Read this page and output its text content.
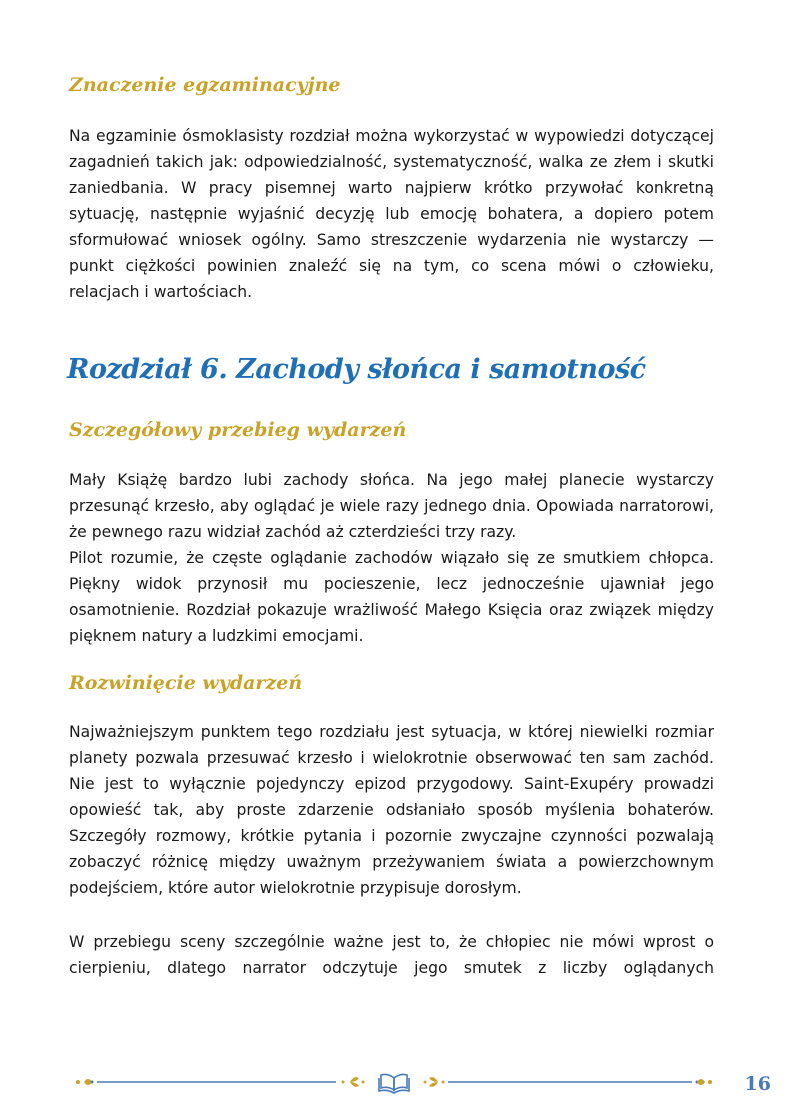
Znaczenie egzaminacyjne

Na egzaminie ósmoklasisty rozdział można wykorzystać w wypowiedzi dotyczącej zagadnień takich jak: odpowiedzialność, systematyczność, walka ze złem i skutki zaniedbania. W pracy pisemnej warto najpierw krótko przywołać konkretną sytuację, następnie wyjaśnić decyzję lub emocję bohatera, a dopiero potem sformułować wniosek ogólny. Samo streszczenie wydarzenia nie wystarczy — punkt ciężkości powinien znaleźć się na tym, co scena mówi o człowieku, relacjach i wartościach.

Rozdział 6. Zachody słońca i samotność
Szczegółowy przebieg wydarzeń

Mały Książę bardzo lubi zachody słońca. Na jego małej planecie wystarczy przesunąć krzesło, aby oglądać je wiele razy jednego dnia. Opowiada narratorowi, że pewnego razu widział zachód aż czterdzieści trzy razy.

Pilot rozumie, że częste oglądanie zachodów wiązało się ze smutkiem chłopca. Piękny widok przynosił mu pocieszenie, lecz jednocześnie ujawniał jego osamotnienie. Rozdział pokazuje wrażliwość Małego Księcia oraz związek między pięknem natury a ludzkimi emocjami.

Rozwinięcie wydarzeń

Najważniejszym punktem tego rozdziału jest sytuacja, w której niewielki rozmiar planety pozwala przesuwać krzesło i wielokrotnie obserwować ten sam zachód. Nie jest to wyłącznie pojedynczy epizod przygodowy. Saint-Exupéry prowadzi opowieść tak, aby proste zdarzenie odsłaniało sposób myślenia bohaterów. Szczegóły rozmowy, krótkie pytania i pozornie zwyczajne czynności pozwalają zobaczyć różnicę między uważnym przeżywaniem świata a powierzchownym podejściem, które autor wielokrotnie przypisuje dorosłym.

W przebiegu sceny szczególnie ważne jest to, że chłopiec nie mówi wprost o cierpieniu, dlatego narrator odczytuje jego smutek z liczby oglądanych

16
